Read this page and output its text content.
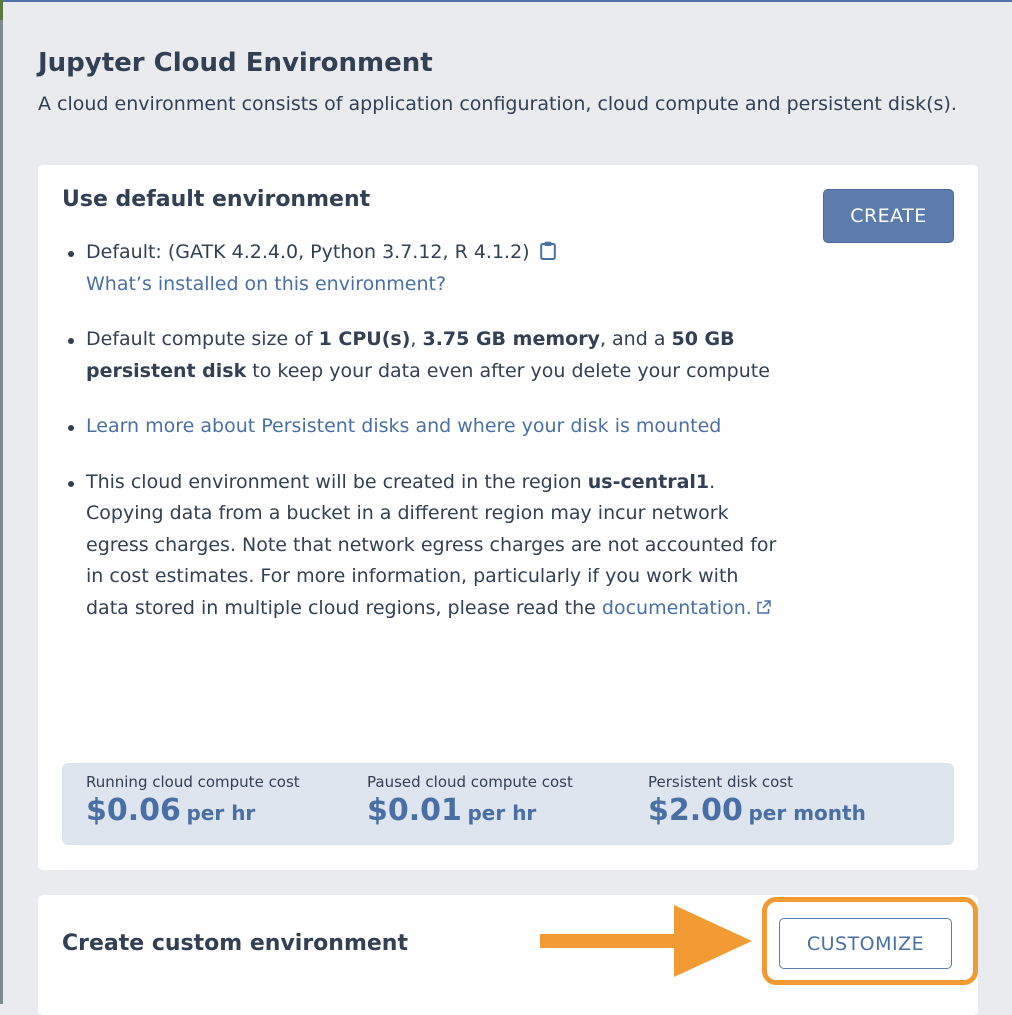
Jupyter Cloud Environment
A cloud environment consists of application configuration, cloud compute and persistent disk(s).
Use default environment
CREATE
Default: (GATK 4.2.4.0, Python 3.7.12, R 4.1.2)
What’s installed on this environment?
Default compute size of 1 CPU(s), 3.75 GB memory, and a 50 GB persistent disk to keep your data even after you delete your compute
Learn more about Persistent disks and where your disk is mounted
This cloud environment will be created in the region us-central1. Copying data from a bucket in a different region may incur network egress charges. Note that network egress charges are not accounted for in cost estimates. For more information, particularly if you work with data stored in multiple cloud regions, please read the documentation.
Running cloud compute cost
$0.06 per hr
Paused cloud compute cost
$0.01 per hr
Persistent disk cost
$2.00 per month
Create custom environment	CUSTOMIZE
